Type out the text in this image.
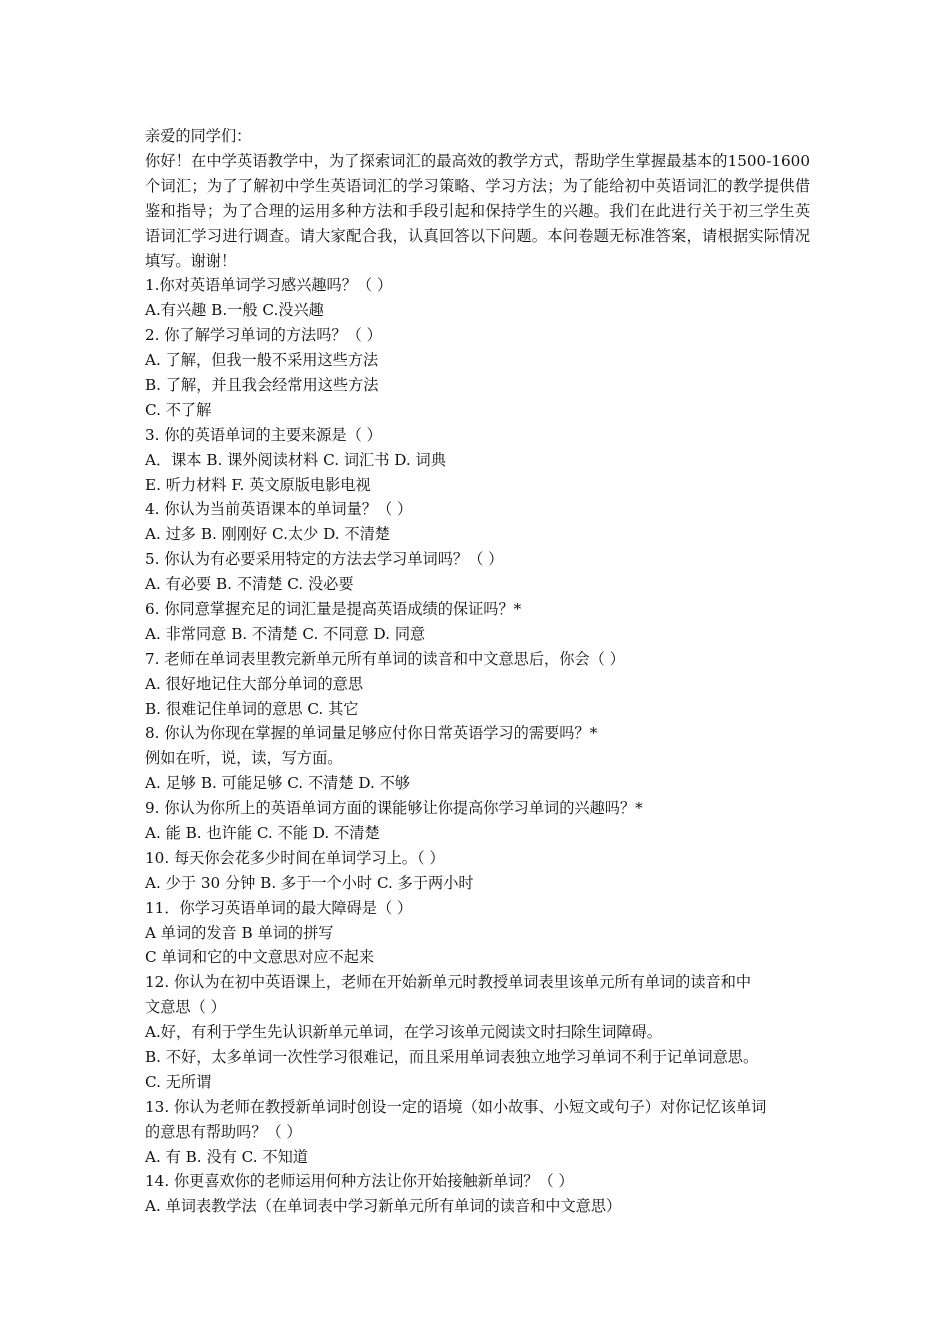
亲爱的同学们：
你好！在中学英语教学中，为了探索词汇的最高效的教学方式，帮助学生掌握最基本的1500-1600个词汇；为了了解初中学生英语词汇的学习策略、学习方法；为了能给初中英语词汇的教学提供借鉴和指导；为了合理的运用多种方法和手段引起和保持学生的兴趣。我们在此进行关于初三学生英语词汇学习进行调查。请大家配合我，认真回答以下问题。本问卷题无标准答案，请根据实际情况填写。谢谢！
1.你对英语单词学习感兴趣吗？（ ）
A.有兴趣 B.一般 C.没兴趣
2. 你了解学习单词的方法吗？（ ）
A. 了解，但我一般不采用这些方法
B. 了解，并且我会经常用这些方法
C. 不了解
3. 你的英语单词的主要来源是（ ）
A．课本 B. 课外阅读材料 C. 词汇书 D. 词典
E. 听力材料 F. 英文原版电影电视
4. 你认为当前英语课本的单词量？（ ）
A. 过多 B. 刚刚好 C.太少 D. 不清楚
5. 你认为有必要采用特定的方法去学习单词吗？（ ）
A. 有必要 B. 不清楚 C. 没必要
6. 你同意掌握充足的词汇量是提高英语成绩的保证吗？*
A. 非常同意 B. 不清楚 C. 不同意 D. 同意
7. 老师在单词表里教完新单元所有单词的读音和中文意思后，你会（ ）
A. 很好地记住大部分单词的意思
B. 很难记住单词的意思 C. 其它
8. 你认为你现在掌握的单词量足够应付你日常英语学习的需要吗？*
例如在听，说，读，写方面。
A. 足够 B. 可能足够 C. 不清楚 D. 不够
9. 你认为你所上的英语单词方面的课能够让你提高你学习单词的兴趣吗？*
A. 能 B. 也许能 C. 不能 D. 不清楚
10. 每天你会花多少时间在单词学习上。（ ）
A. 少于 30 分钟 B. 多于一个小时 C. 多于两小时
11．你学习英语单词的最大障碍是（ ）
A 单词的发音 B 单词的拼写
C 单词和它的中文意思对应不起来
12. 你认为在初中英语课上，老师在开始新单元时教授单词表里该单元所有单词的读音和中
文意思（ ）
A.好，有利于学生先认识新单元单词，在学习该单元阅读文时扫除生词障碍。
B. 不好，太多单词一次性学习很难记，而且采用单词表独立地学习单词不利于记单词意思。
C. 无所谓
13. 你认为老师在教授新单词时创设一定的语境（如小故事、小短文或句子）对你记忆该单词
的意思有帮助吗？（ ）
A. 有 B. 没有 C. 不知道
14. 你更喜欢你的老师运用何种方法让你开始接触新单词？（ ）
A. 单词表教学法（在单词表中学习新单元所有单词的读音和中文意思）
